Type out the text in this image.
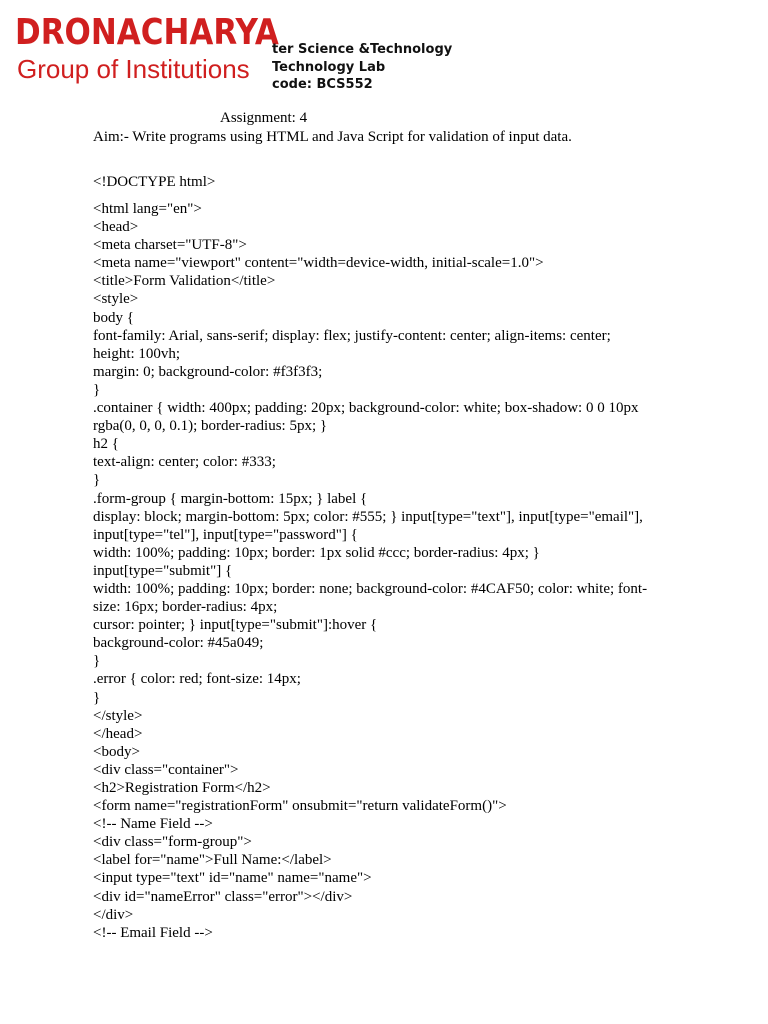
DRONACHARYA
Group of Institutions
ter Science &Technology
Technology Lab
code: BCS552
Assignment: 4
Aim:- Write programs using HTML and Java Script for validation of input data.
<!DOCTYPE html>
<html lang="en">
<head>
<meta charset="UTF-8">
<meta name="viewport" content="width=device-width, initial-scale=1.0">
<title>Form Validation</title>
<style>
body {
font-family: Arial, sans-serif; display: flex; justify-content: center; align-items: center;
height: 100vh;
margin: 0; background-color: #f3f3f3;
}
.container { width: 400px; padding: 20px; background-color: white; box-shadow: 0 0 10px
rgba(0, 0, 0, 0.1); border-radius: 5px; }
h2 {
text-align: center; color: #333;
}
.form-group { margin-bottom: 15px; } label {
display: block; margin-bottom: 5px; color: #555; } input[type="text"], input[type="email"],
input[type="tel"], input[type="password"] {
width: 100%; padding: 10px; border: 1px solid #ccc; border-radius: 4px; }
input[type="submit"] {
width: 100%; padding: 10px; border: none; background-color: #4CAF50; color: white; font-
size: 16px; border-radius: 4px;
cursor: pointer; } input[type="submit"]:hover {
background-color: #45a049;
}
.error { color: red; font-size: 14px;
}
</style>
</head>
<body>
<div class="container">
<h2>Registration Form</h2>
<form name="registrationForm" onsubmit="return validateForm()">
<!-- Name Field -->
<div class="form-group">
<label for="name">Full Name:</label>
<input type="text" id="name" name="name">
<div id="nameError" class="error"></div>
</div>
<!-- Email Field -->
